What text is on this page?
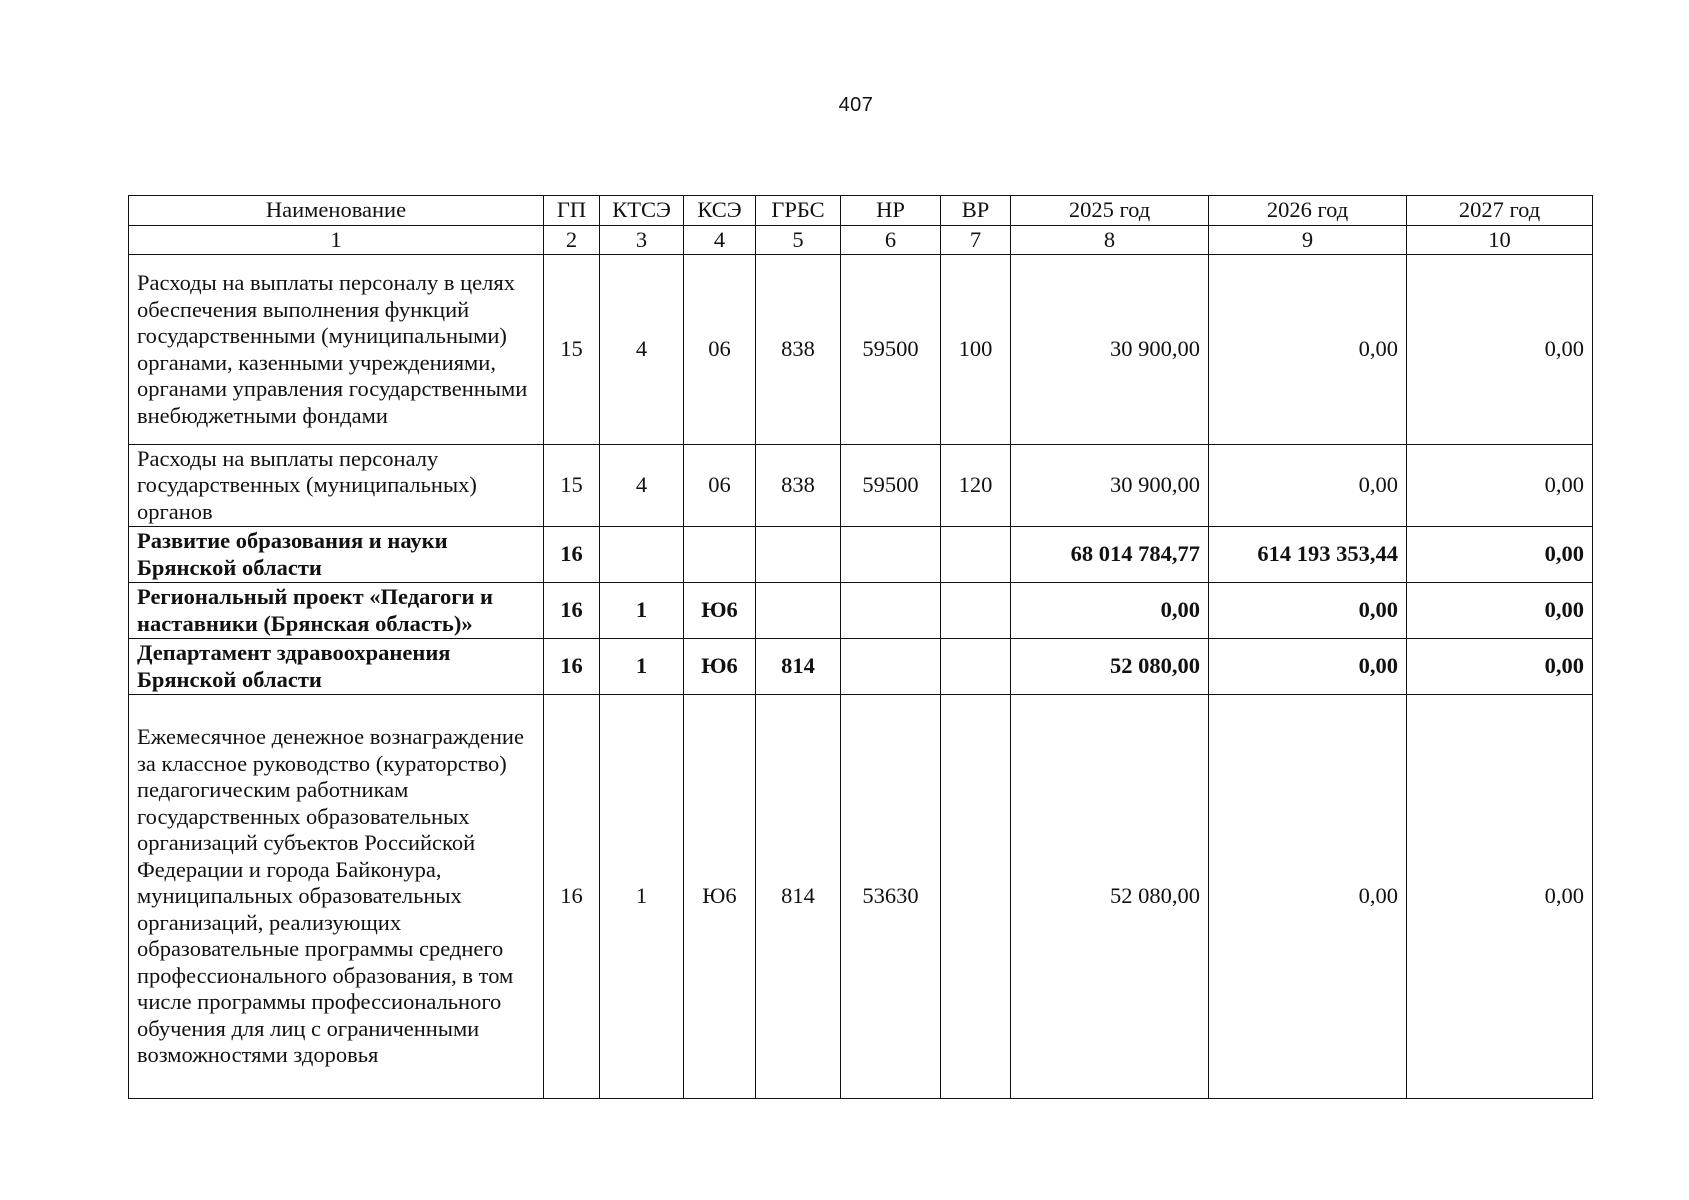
407
Наименование	ГП	КТСЭ	КСЭ	ГРБС	НР	ВР	2025 год	2026 год	2027 год
1	2	3	4	5	6	7	8	9	10
Расходы на выплаты персоналу в целях обеспечения выполнения функций государственными (муниципальными) органами, казенными учреждениями, органами управления государственными внебюджетными фондами	15	4	06	838	59500	100	30 900,00	0,00	0,00
Расходы на выплаты персоналу государственных (муниципальных) органов	15	4	06	838	59500	120	30 900,00	0,00	0,00
Развитие образования и науки Брянской области	16						68 014 784,77	614 193 353,44	0,00
Региональный проект «Педагоги и наставники (Брянская область)»	16	1	Ю6				0,00	0,00	0,00
Департамент здравоохранения Брянской области	16	1	Ю6	814			52 080,00	0,00	0,00
Ежемесячное денежное вознаграждение за классное руководство (кураторство) педагогическим работникам государственных образовательных организаций субъектов Российской Федерации и города Байконура, муниципальных образовательных организаций, реализующих образовательные программы среднего профессионального образования, в том числе программы профессионального обучения для лиц с ограниченными возможностями здоровья	16	1	Ю6	814	53630		52 080,00	0,00	0,00
